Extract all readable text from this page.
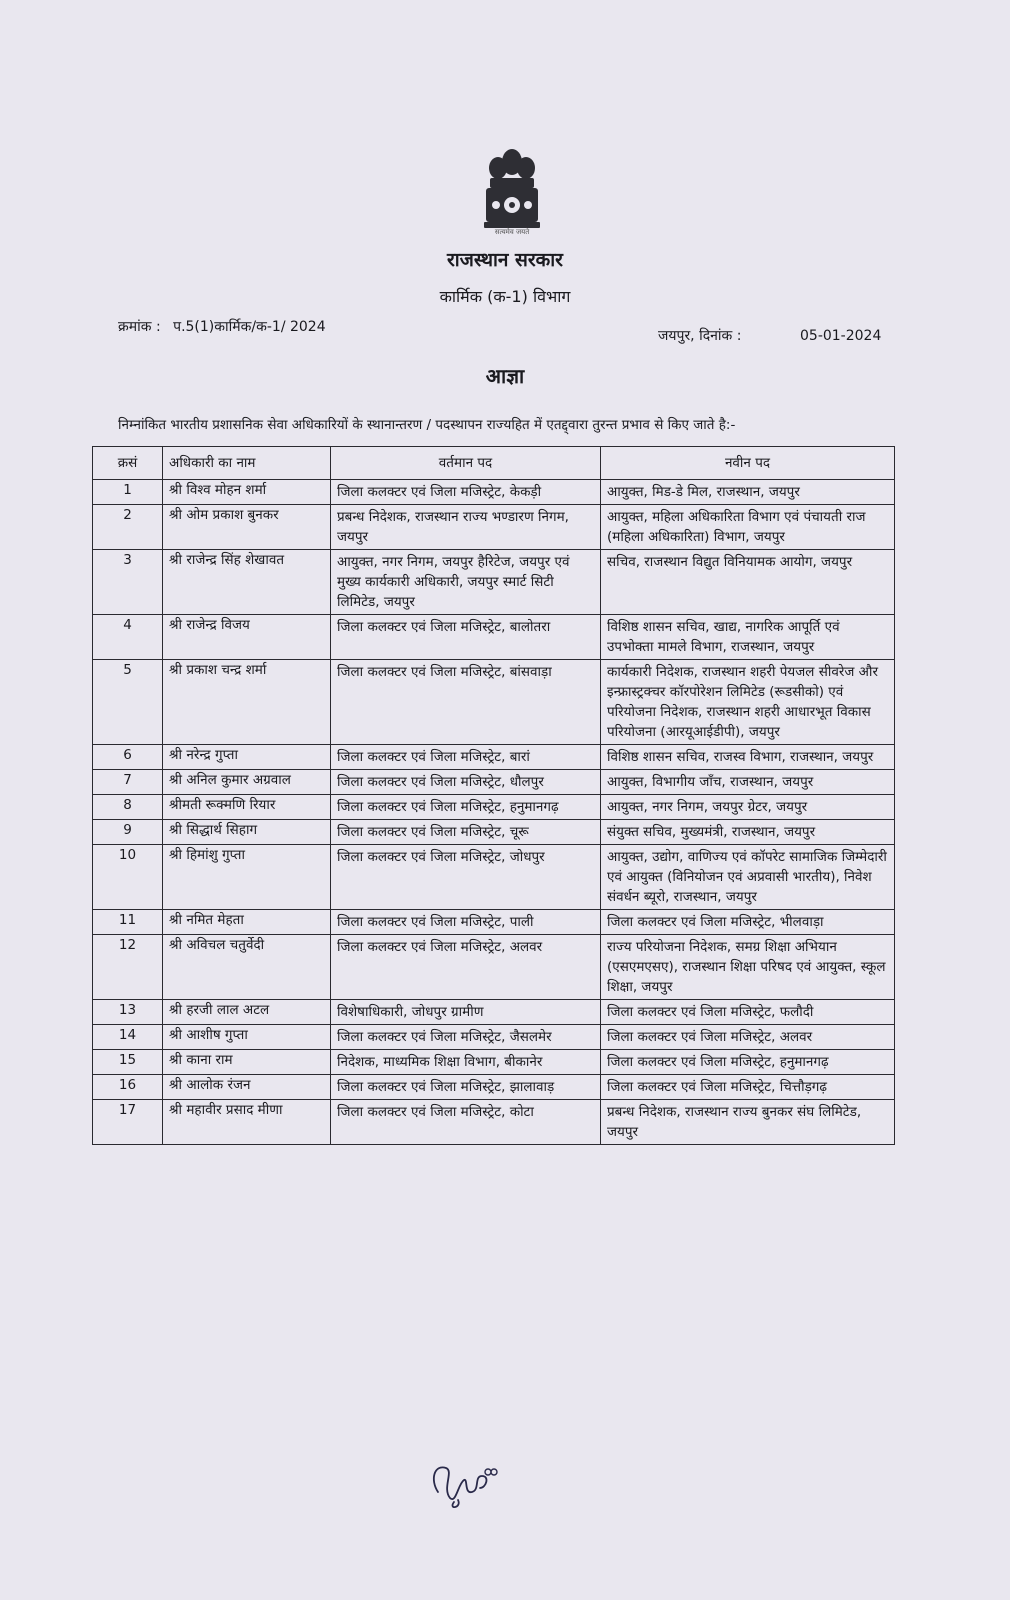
सत्यमेव जयते
राजस्थान सरकार
कार्मिक (क-1) विभाग
क्रमांक : प.5(1)कार्मिक/क-1/ 2024
जयपुर, दिनांक :	05-01-2024
आज्ञा
निम्नांकित भारतीय प्रशासनिक सेवा अधिकारियों के स्थानान्तरण / पदस्थापन राज्यहित में एतद्द्वारा तुरन्त प्रभाव से किए जाते है:-
क्रसं	अधिकारी का नाम	वर्तमान पद	नवीन पद
1	श्री विश्व मोहन शर्मा	जिला कलक्टर एवं जिला मजिस्ट्रेट, केकड़ी	आयुक्त, मिड-डे मिल, राजस्थान, जयपुर
2	श्री ओम प्रकाश बुनकर	प्रबन्ध निदेशक, राजस्थान राज्य भण्डारण निगम, जयपुर	आयुक्त, महिला अधिकारिता विभाग एवं पंचायती राज (महिला अधिकारिता) विभाग, जयपुर
3	श्री राजेन्द्र सिंह शेखावत	आयुक्त, नगर निगम, जयपुर हैरिटेज, जयपुर एवं मुख्य कार्यकारी अधिकारी, जयपुर स्मार्ट सिटी लिमिटेड, जयपुर	सचिव, राजस्थान विद्युत विनियामक आयोग, जयपुर
4	श्री राजेन्द्र विजय	जिला कलक्टर एवं जिला मजिस्ट्रेट, बालोतरा	विशिष्ठ शासन सचिव, खाद्य, नागरिक आपूर्ति एवं उपभोक्ता मामले विभाग, राजस्थान, जयपुर
5	श्री प्रकाश चन्द्र शर्मा	जिला कलक्टर एवं जिला मजिस्ट्रेट, बांसवाड़ा	कार्यकारी निदेशक, राजस्थान शहरी पेयजल सीवरेज और इन्फ्रास्ट्रक्चर कॉरपोरेशन लिमिटेड (रूडसीको) एवं परियोजना निदेशक, राजस्थान शहरी आधारभूत विकास परियोजना (आरयूआईडीपी), जयपुर
6	श्री नरेन्द्र गुप्ता	जिला कलक्टर एवं जिला मजिस्ट्रेट, बारां	विशिष्ठ शासन सचिव, राजस्व विभाग, राजस्थान, जयपुर
7	श्री अनिल कुमार अग्रवाल	जिला कलक्टर एवं जिला मजिस्ट्रेट, धौलपुर	आयुक्त, विभागीय जाँच, राजस्थान, जयपुर
8	श्रीमती रूक्मणि रियार	जिला कलक्टर एवं जिला मजिस्ट्रेट, हनुमानगढ़	आयुक्त, नगर निगम, जयपुर ग्रेटर, जयपुर
9	श्री सिद्धार्थ सिहाग	जिला कलक्टर एवं जिला मजिस्ट्रेट, चूरू	संयुक्त सचिव, मुख्यमंत्री, राजस्थान, जयपुर
10	श्री हिमांशु गुप्ता	जिला कलक्टर एवं जिला मजिस्ट्रेट, जोधपुर	आयुक्त, उद्योग, वाणिज्य एवं कॉपरेट सामाजिक जिम्मेदारी एवं आयुक्त (विनियोजन एवं अप्रवासी भारतीय), निवेश संवर्धन ब्यूरो, राजस्थान, जयपुर
11	श्री नमित मेहता	जिला कलक्टर एवं जिला मजिस्ट्रेट, पाली	जिला कलक्टर एवं जिला मजिस्ट्रेट, भीलवाड़ा
12	श्री अविचल चतुर्वेदी	जिला कलक्टर एवं जिला मजिस्ट्रेट, अलवर	राज्य परियोजना निदेशक, समग्र शिक्षा अभियान (एसएमएसए), राजस्थान शिक्षा परिषद एवं आयुक्त, स्कूल शिक्षा, जयपुर
13	श्री हरजी लाल अटल	विशेषाधिकारी, जोधपुर ग्रामीण	जिला कलक्टर एवं जिला मजिस्ट्रेट, फलौदी
14	श्री आशीष गुप्ता	जिला कलक्टर एवं जिला मजिस्ट्रेट, जैसलमेर	जिला कलक्टर एवं जिला मजिस्ट्रेट, अलवर
15	श्री काना राम	निदेशक, माध्यमिक शिक्षा विभाग, बीकानेर	जिला कलक्टर एवं जिला मजिस्ट्रेट, हनुमानगढ़
16	श्री आलोक रंजन	जिला कलक्टर एवं जिला मजिस्ट्रेट, झालावाड़	जिला कलक्टर एवं जिला मजिस्ट्रेट, चित्तौड़गढ़
17	श्री महावीर प्रसाद मीणा	जिला कलक्टर एवं जिला मजिस्ट्रेट, कोटा	प्रबन्ध निदेशक, राजस्थान राज्य बुनकर संघ लिमिटेड, जयपुर
